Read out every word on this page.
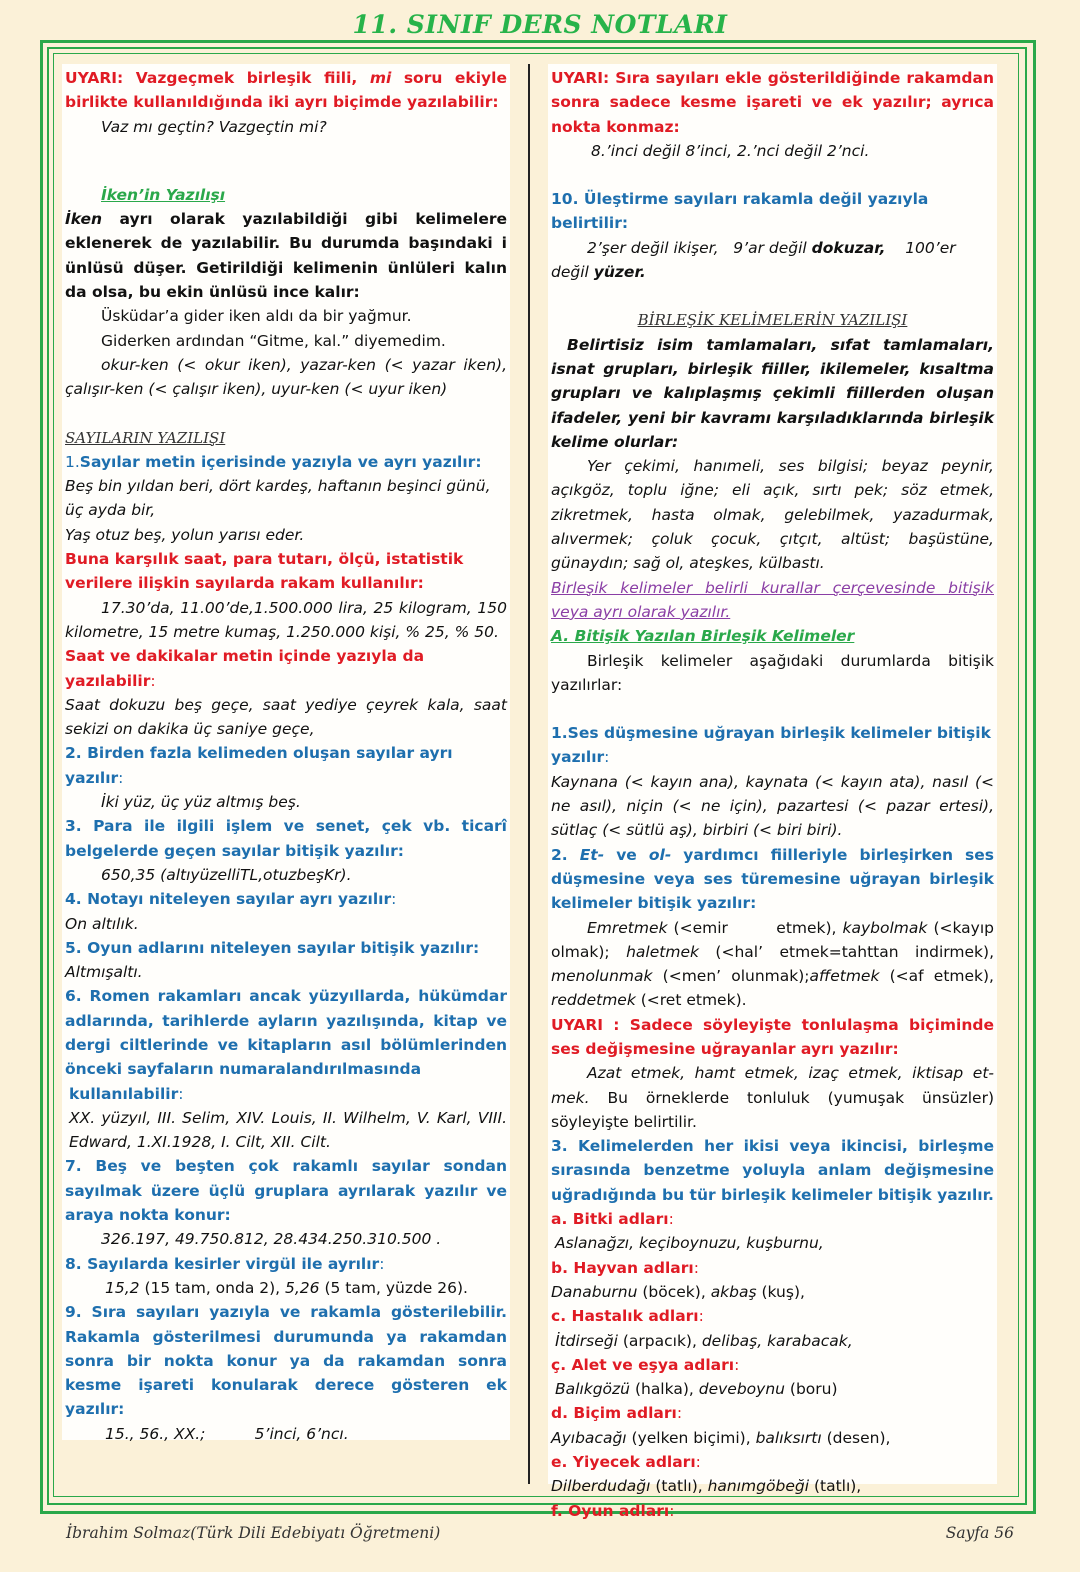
11. SINIF DERS NOTLARI

UYARI: Vazgeçmek birleşik fiili, mi soru ekiyle birlikte kullanıldığında iki ayrı biçimde yazılabilir:

Vaz mı geçtin? Vazgeçtin mi?

İken’in Yazılışı

İken ayrı olarak yazılabildiği gibi kelimelere eklenerek de yazılabilir. Bu durumda başındaki i ünlüsü düşer. Getirildiği kelimenin ünlüleri kalın da olsa, bu ekin ünlüsü ince kalır:

Üsküdar’a gider iken aldı da bir yağmur.

Giderken ardından “Gitme, kal.” diyemedim.

okur-ken (< okur iken), yazar-ken (< yazar iken), çalışır-ken (< çalışır iken), uyur-ken (< uyur iken)

SAYILARIN YAZILIŞI

1.Sayılar metin içerisinde yazıyla ve ayrı yazılır:

Beş bin yıldan beri, dört kardeş, haftanın beşinci günü, üç ayda bir,

Yaş otuz beş, yolun yarısı eder.

Buna karşılık saat, para tutarı, ölçü, istatistik verilere ilişkin sayılarda rakam kullanılır:

17.30’da, 11.00’de,1.500.000 lira, 25 kilogram, 150 kilometre, 15 metre kumaş, 1.250.000 kişi, % 25, % 50.

Saat ve dakikalar metin içinde yazıyla da yazılabilir:

Saat dokuzu beş geçe, saat yediye çeyrek kala, saat sekizi on dakika üç saniye geçe,

2. Birden fazla kelimeden oluşan sayılar ayrı yazılır:

İki yüz, üç yüz altmış beş.

3. Para ile ilgili işlem ve senet, çek vb. ticarî belgelerde geçen sayılar bitişik yazılır:

650,35 (altıyüzelliTL,otuzbeşKr).

4. Notayı niteleyen sayılar ayrı yazılır:

On altılık.

5. Oyun adlarını niteleyen sayılar bitişik yazılır:

Altmışaltı.

6. Romen rakamları ancak yüzyıllarda, hükümdar adlarında, tarihlerde ayların yazılışında, kitap ve dergi ciltlerinde ve kitapların asıl bölümlerinden önceki sayfaların numaralandırılmasında

kullanılabilir:

XX. yüzyıl, III. Selim, XIV. Louis, II. Wilhelm, V. Karl, VIII. Edward, 1.XI.1928, I. Cilt, XII. Cilt.

7. Beş ve beşten çok rakamlı sayılar sondan sayılmak üzere üçlü gruplara ayrılarak yazılır ve araya nokta konur:

326.197, 49.750.812, 28.434.250.310.500 .

8. Sayılarda kesirler virgül ile ayrılır:

15,2 (15 tam, onda 2), 5,26 (5 tam, yüzde 26).

9. Sıra sayıları yazıyla ve rakamla gösterilebilir. Rakamla gösterilmesi durumunda ya rakamdan sonra bir nokta konur ya da rakamdan sonra kesme işareti konularak derece gösteren ek yazılır:

15., 56., XX.;          5’inci, 6’ncı.

UYARI: Sıra sayıları ekle gösterildiğinde rakamdan sonra sadece kesme işareti ve ek yazılır; ayrıca nokta konmaz:

8.’inci değil 8’inci, 2.’nci değil 2’nci.

10. Üleştirme sayıları rakamla değil yazıyla belirtilir:

2’şer değil ikişer,   9’ar değil dokuzar,    100’er değil yüzer.

BİRLEŞİK KELİMELERİN YAZILIŞI

Belirtisiz isim tamlamaları, sıfat tamlamaları, isnat grupları, birleşik fiiller, ikilemeler, kısaltma grupları ve kalıplaşmış çekimli fiillerden oluşan ifadeler, yeni bir kavramı karşıladıklarında birleşik kelime olurlar:

Yer çekimi, hanımeli, ses bilgisi; beyaz peynir, açıkgöz, toplu iğne; eli açık, sırtı pek; söz etmek, zikretmek, hasta olmak, gelebilmek, yazadurmak, alıvermek; çoluk çocuk, çıtçıt, altüst; başüstüne, günaydın; sağ ol, ateşkes, külbastı.

Birleşik kelimeler belirli kurallar çerçevesinde bitişik veya ayrı olarak yazılır.

A. Bitişik Yazılan Birleşik Kelimeler

Birleşik kelimeler aşağıdaki durumlarda bitişik yazılırlar:

1.Ses düşmesine uğrayan birleşik kelimeler bitişik

yazılır:

Kaynana (< kayın ana), kaynata (< kayın ata), nasıl (< ne asıl), niçin (< ne için), pazartesi (< pazar ertesi), sütlaç (< sütlü aş), birbiri (< biri biri).

2. Et- ve ol- yardımcı fiilleriyle birleşirken ses düşmesine veya ses türemesine uğrayan birleşik kelimeler bitişik yazılır:

Emretmek (<emir        etmek), kaybolmak (<kayıp olmak); haletmek (<hal’ etmek=tahttan indirmek), menolunmak (<men’ olunmak);affetmek (<af etmek), reddetmek (<ret etmek).

UYARI : Sadece söyleyişte tonlulaşma biçiminde ses değişmesine uğrayanlar ayrı yazılır:

Azat etmek, hamt etmek, izaç etmek, iktisap et-mek. Bu örneklerde tonluluk (yumuşak ünsüzler) söyleyişte belirtilir.

3. Kelimelerden her ikisi veya ikincisi, birleşme sırasında benzetme yoluyla anlam değişmesine uğradığında bu tür birleşik kelimeler bitişik yazılır.

a. Bitki adları:

Aslanağzı, keçiboynuzu, kuşburnu,

b. Hayvan adları:

Danaburnu (böcek), akbaş (kuş),

c. Hastalık adları:

İtdirseği (arpacık), delibaş, karabacak,

ç. Alet ve eşya adları:

Balıkgözü (halka), deveboynu (boru)

d. Biçim adları:

Ayıbacağı (yelken biçimi), balıksırtı (desen),

e. Yiyecek adları:

Dilberdudağı (tatlı), hanımgöbeği (tatlı),

f. Oyun adları:

İbrahim Solmaz(Türk Dili Edebiyatı Öğretmeni)	Sayfa 56
